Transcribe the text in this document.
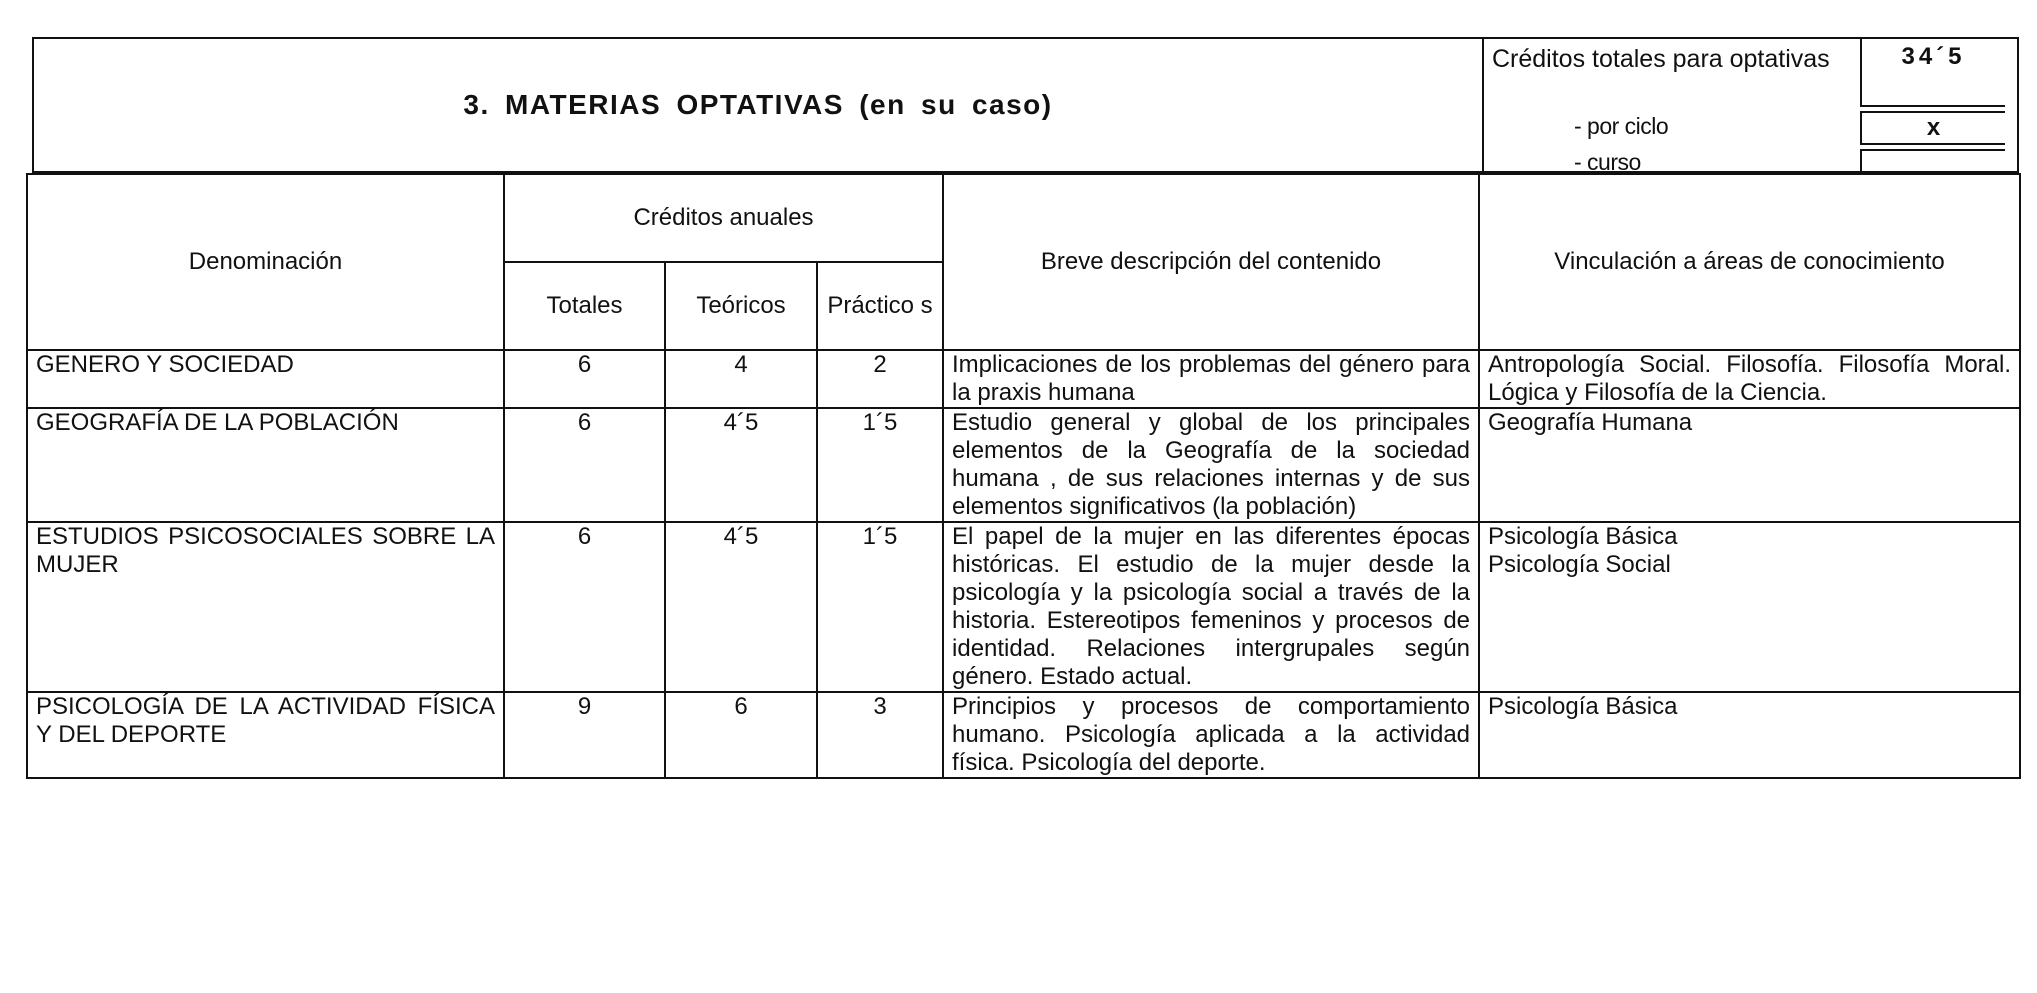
3. MATERIAS OPTATIVAS (en su caso)
Créditos totales para optativas
- por ciclo
- curso
34´5
x
Denominación	Créditos anuales			Breve descripción del contenido	Vinculación a áreas de conocimiento
	Totales	Teóricos	Práctico s		
GENERO Y SOCIEDAD	6	4	2	Implicaciones de los problemas del género para la praxis humana	Antropología Social. Filosofía. Filosofía Moral. Lógica y Filosofía de la Ciencia.
GEOGRAFÍA DE LA POBLACIÓN	6	4´5	1´5	Estudio general y global de los principales elementos de la Geografía de la sociedad humana , de sus relaciones internas y de sus elementos significativos (la población)	Geografía Humana
ESTUDIOS PSICOSOCIALES SOBRE LA MUJER	6	4´5	1´5	El papel de la mujer en las diferentes épocas históricas. El estudio de la mujer desde la psicología y la psicología social a través de la historia. Estereotipos femeninos y procesos de identidad. Relaciones intergrupales según género. Estado actual.	Psicología Básica
Psicología Social

PSICOLOGÍA DE LA ACTIVIDAD FÍSICA Y DEL DEPORTE	9	6	3	Principios y procesos de comportamiento humano. Psicología aplicada a la actividad física. Psicología del deporte.	Psicología Básica
